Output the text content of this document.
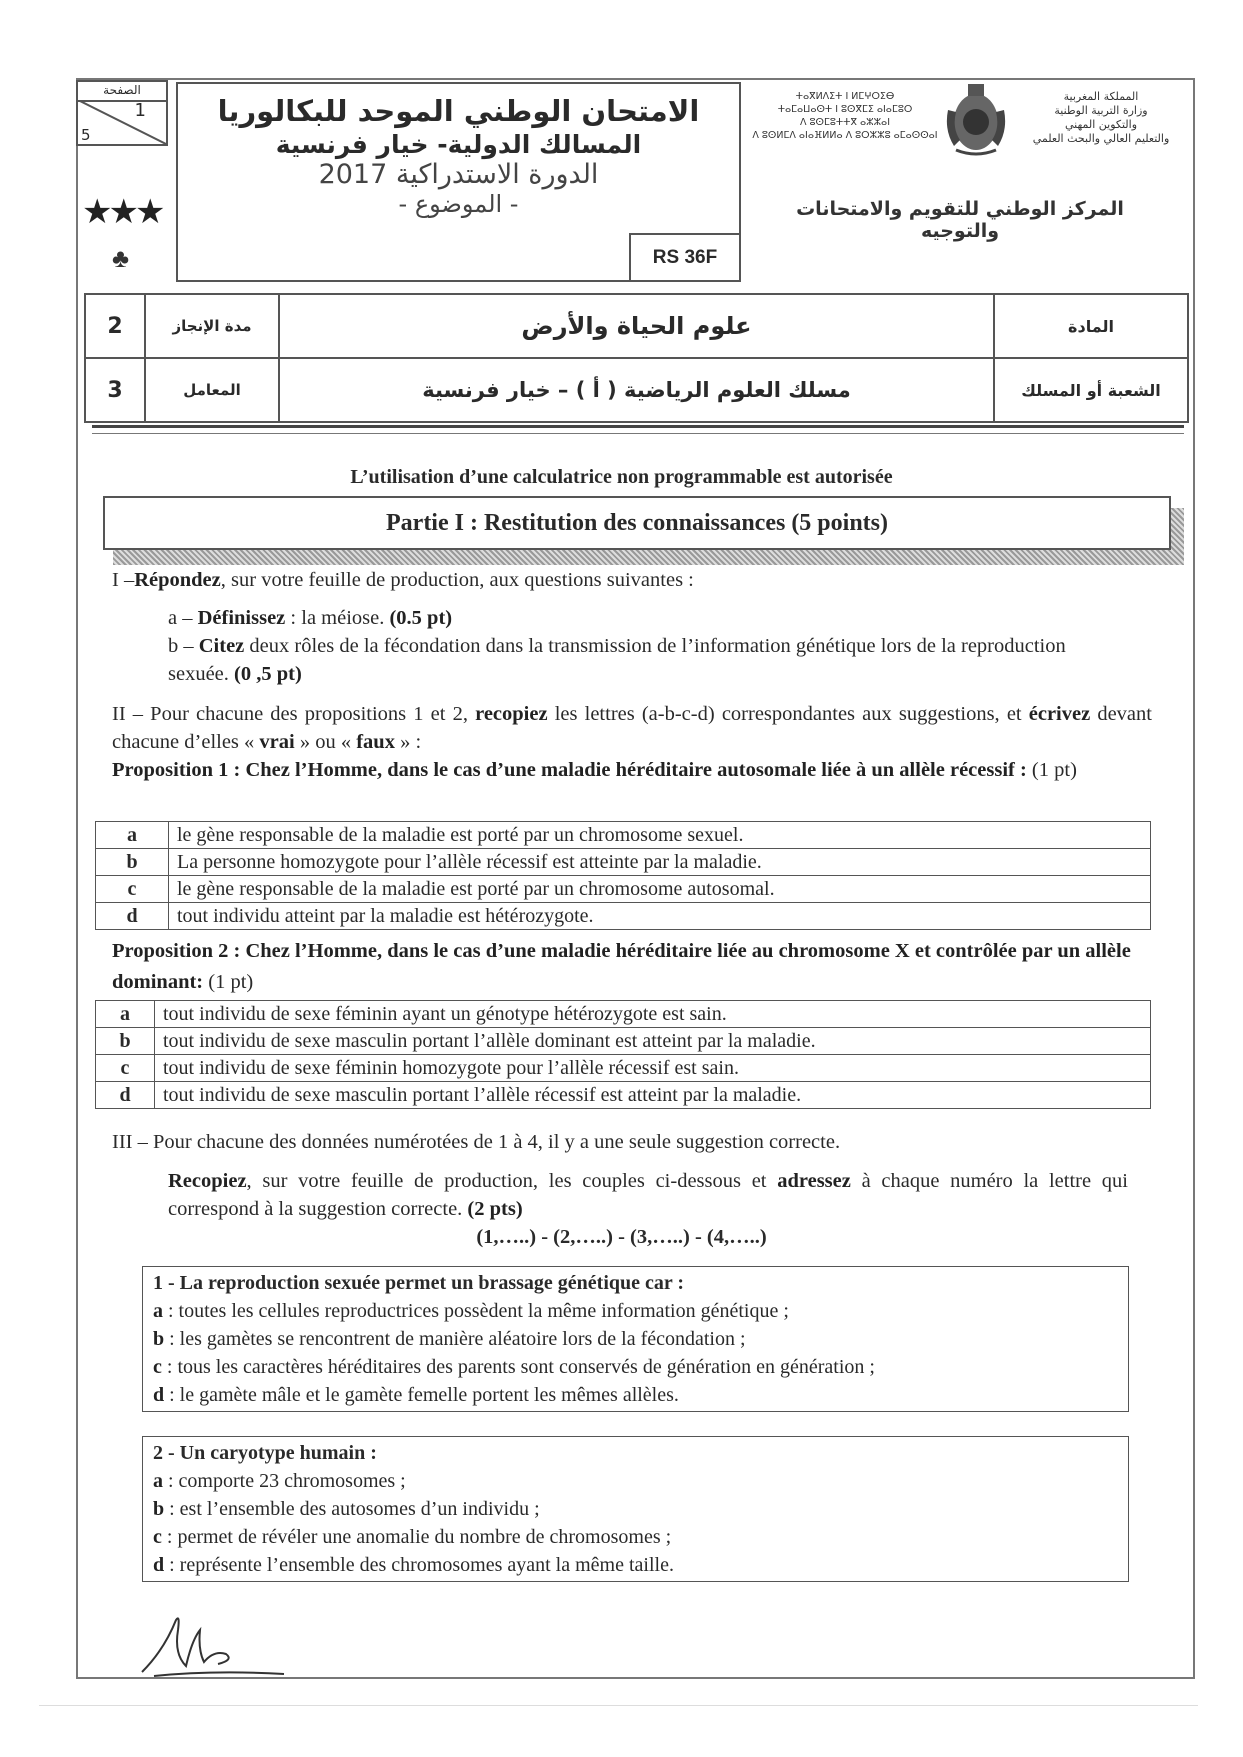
الصفحة
1
5
★★★
♣
الامتحان الوطني الموحد للبكالوريا
المسالك الدولية- خيار فرنسية
الدورة الاستدراكية 2017
- الموضوع -
RS 36F
ⵜⴰⴳⵍⴷⵉⵜ ⵏ ⵍⵎⵖⵔⵉⴱ
ⵜⴰⵎⴰⵡⴰⵙⵜ ⵏ ⵓⵙⴳⵎⵉ ⴰⵏⴰⵎⵓⵔ
ⴷ ⵓⵙⵎⵓⵜⵜⴳ ⴰⵣⵣⴰⵏ
ⴷ ⵓⵙⵍⵎⴷ ⴰⵏⴰⴼⵍⵍⴰ ⴷ ⵓⵔⵣⵣⵓ ⴰⵎⴰⵙⵙⴰⵏ
المملكة المغربية
وزارة التربية الوطنية
والتكوين المهني
والتعليم العالي والبحث العلمي
المركز الوطني للتقويم والامتحانات والتوجيه
المادة	علوم الحياة والأرض	مدة الإنجاز	2
الشعبة أو المسلك	مسلك العلوم الرياضية ( أ ) – خيار فرنسية	المعامل	3
L’utilisation d’une calculatrice non programmable est autorisée
Partie I : Restitution des connaissances (5 points)
I –Répondez, sur votre feuille de production, aux questions suivantes :
a – Définissez : la méiose. (0.5 pt)
b – Citez deux rôles de la fécondation dans la transmission de l’information génétique lors de la reproduction sexuée. (0 ,5 pt)
II – Pour chacune des propositions 1 et 2, recopiez les lettres (a-b-c-d) correspondantes aux suggestions, et écrivez devant chacune d’elles « vrai » ou « faux » :
Proposition 1 : Chez l’Homme, dans le cas d’une maladie héréditaire autosomale liée à un allèle récessif : (1 pt)
a	le gène responsable de la maladie est porté par un chromosome sexuel.
b	La personne homozygote pour l’allèle récessif est atteinte par la maladie.
c	le gène responsable de la maladie est porté par un chromosome autosomal.
d	tout individu atteint par la maladie est hétérozygote.
Proposition 2 : Chez l’Homme, dans le cas d’une maladie héréditaire liée au chromosome X et contrôlée par un allèle dominant: (1 pt)
a	tout individu de sexe féminin ayant un génotype hétérozygote est sain.
b	tout individu de sexe masculin portant l’allèle dominant est atteint par la maladie.
c	tout individu de sexe féminin homozygote pour l’allèle récessif est sain.
d	tout individu de sexe masculin portant l’allèle récessif est atteint par la maladie.
III – Pour chacune des données numérotées de 1 à 4, il y a une seule suggestion correcte.
Recopiez, sur votre feuille de production, les couples ci-dessous et adressez à chaque numéro la lettre qui correspond à la suggestion correcte. (2 pts)
(1,…..) - (2,…..) - (3,…..) - (4,…..)
1 - La reproduction sexuée permet un brassage génétique car :
a : toutes les cellules reproductrices possèdent la même information génétique ;
b : les gamètes se rencontrent de manière aléatoire lors de la fécondation ;
c : tous les caractères héréditaires des parents sont conservés de génération en génération ;
d : le gamète mâle et le gamète femelle portent les mêmes allèles.
2 - Un caryotype humain :
a : comporte 23 chromosomes ;
b : est l’ensemble des autosomes d’un individu ;
c : permet de révéler une anomalie du nombre de chromosomes ;
d : représente l’ensemble des chromosomes ayant la même taille.
